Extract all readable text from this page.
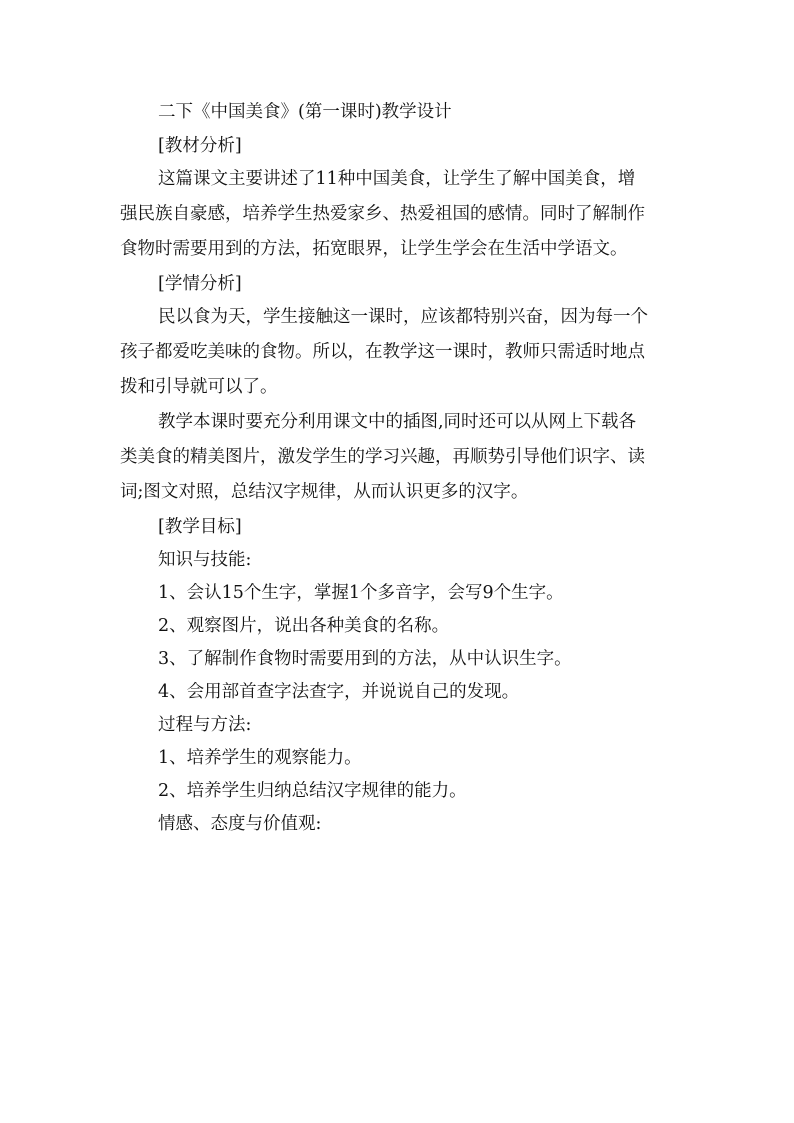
二下《中国美食》(第一课时)教学设计

[教材分析]

这篇课文主要讲述了11种中国美食，让学生了解中国美食，增

强民族自豪感，培养学生热爱家乡、热爱祖国的感情。同时了解制作

食物时需要用到的方法，拓宽眼界，让学生学会在生活中学语文。

[学情分析]

民以食为天，学生接触这一课时，应该都特别兴奋，因为每一个

孩子都爱吃美味的食物。所以，在教学这一课时，教师只需适时地点

拨和引导就可以了。

教学本课时要充分利用课文中的插图,同时还可以从网上下载各

类美食的精美图片，激发学生的学习兴趣，再顺势引导他们识字、读

词;图文对照，总结汉字规律，从而认识更多的汉字。

[教学目标]

知识与技能:

1、会认15个生字，掌握1个多音字，会写9个生字。

2、观察图片，说出各种美食的名称。

3、了解制作食物时需要用到的方法，从中认识生字。

4、会用部首查字法查字，并说说自己的发现。

过程与方法:

1、培养学生的观察能力。

2、培养学生归纳总结汉字规律的能力。

情感、态度与价值观:
